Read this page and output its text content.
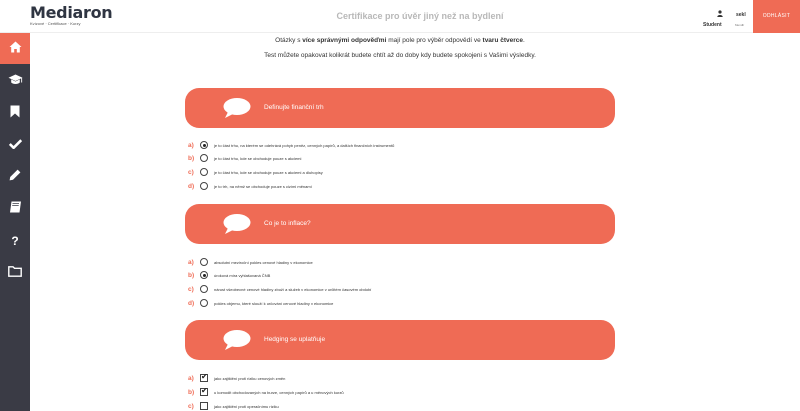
Mediaron
Kvízové · Certifikace · Kurzy
Certifikace pro úvěr jiný než na bydlení	sekl
Student	Mendlr
ODHLÁSIT
?
Otázky s více správnými odpověďmi mají pole pro výběr odpovědí ve tvaru čtverce.
Test můžete opakovat kolikrát budete chtít až do doby kdy budete spokojeni s Vašimi výsledky.
Definujte finanční trh
a)	je to část trhu, na kterém se odehrává pohyb peněz, cenných papírů, a dalších finančních instrumentů
b)	je to část trhu, kde se obchoduje pouze s akciemi
c)	je to část trhu, kde se obchoduje pouze s akciemi a dluhopisy
d)	je to trh, na němž se obchoduje pouze s cizími měnami
Co je to inflace?
a)	absolutní meziroční pokles cenové hladiny v ekonomice
b)	úroková míra vyhlašovaná ČNB
c)	nárust všeobecné cenové hladiny zboží a služeb v ekonomice v určitém časovém období
d)	pokles objemu, které slouží k určování cenové hladiny v ekonomice
Hedging se uplatňuje
a) ✔	jako zajištění proti riziku cenových změn
b) ✔	u komodit obchodovaných na burze, cenných papírů a u měnových kurzů
c)	jako zajištění proti operačnímu riziku
